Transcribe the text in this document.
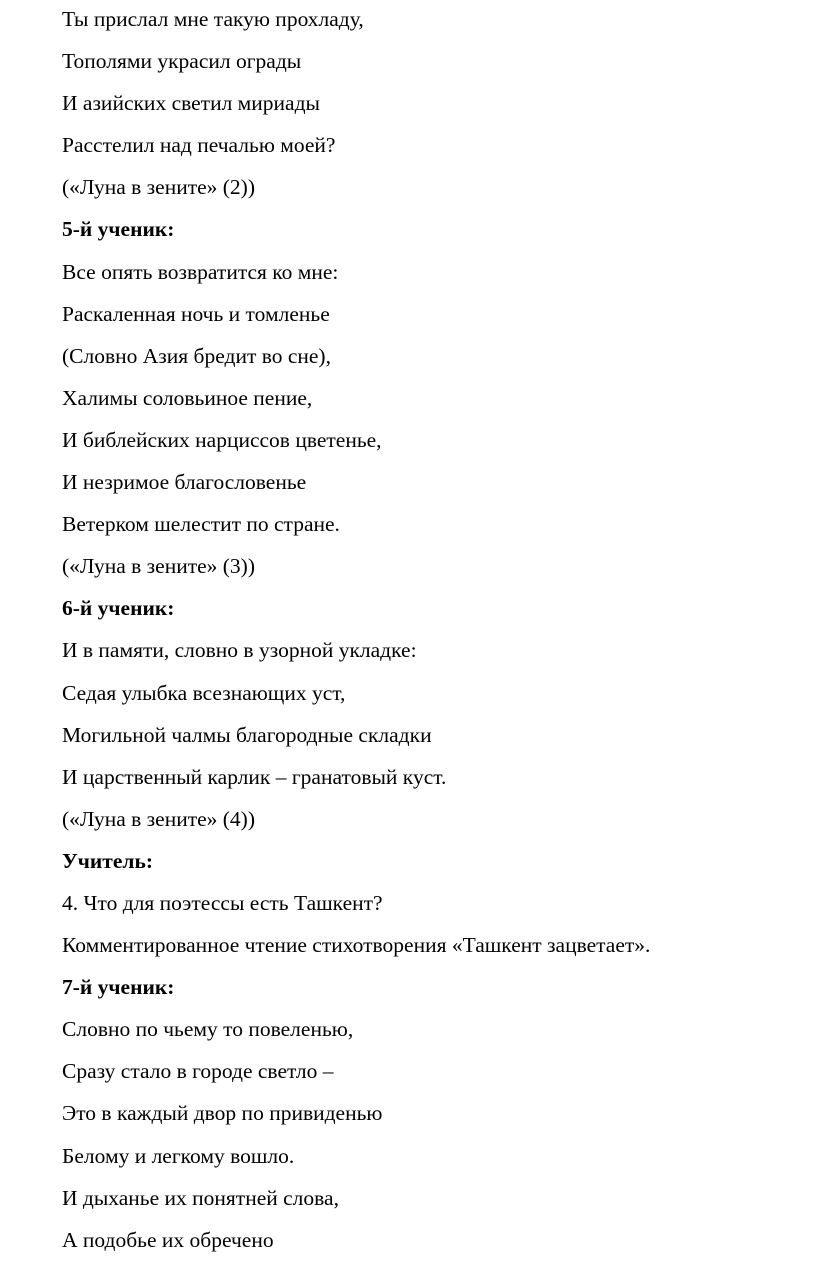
Ты прислал мне такую прохладу,
Тополями украсил ограды
И азийских светил мириады
Расстелил над печалью моей?
(«Луна в зените» (2))
5-й ученик:
Все опять возвратится ко мне:
Раскаленная ночь и томленье
(Словно Азия бредит во сне),
Халимы соловьиное пение,
И библейских нарциссов цветенье,
И незримое благословенье
Ветерком шелестит по стране.
(«Луна в зените» (3))
6-й ученик:
И в памяти, словно в узорной укладке:
Седая улыбка всезнающих уст,
Могильной чалмы благородные складки
И царственный карлик – гранатовый куст.
(«Луна в зените» (4))
Учитель:
4. Что для поэтессы есть Ташкент?
Комментированное чтение стихотворения «Ташкент зацветает».
7-й ученик:
Словно по чьему то повеленью,
Сразу стало в городе светло –
Это в каждый двор по привиденью
Белому и легкому вошло.
И дыханье их понятней слова,
А подобье их обречено
